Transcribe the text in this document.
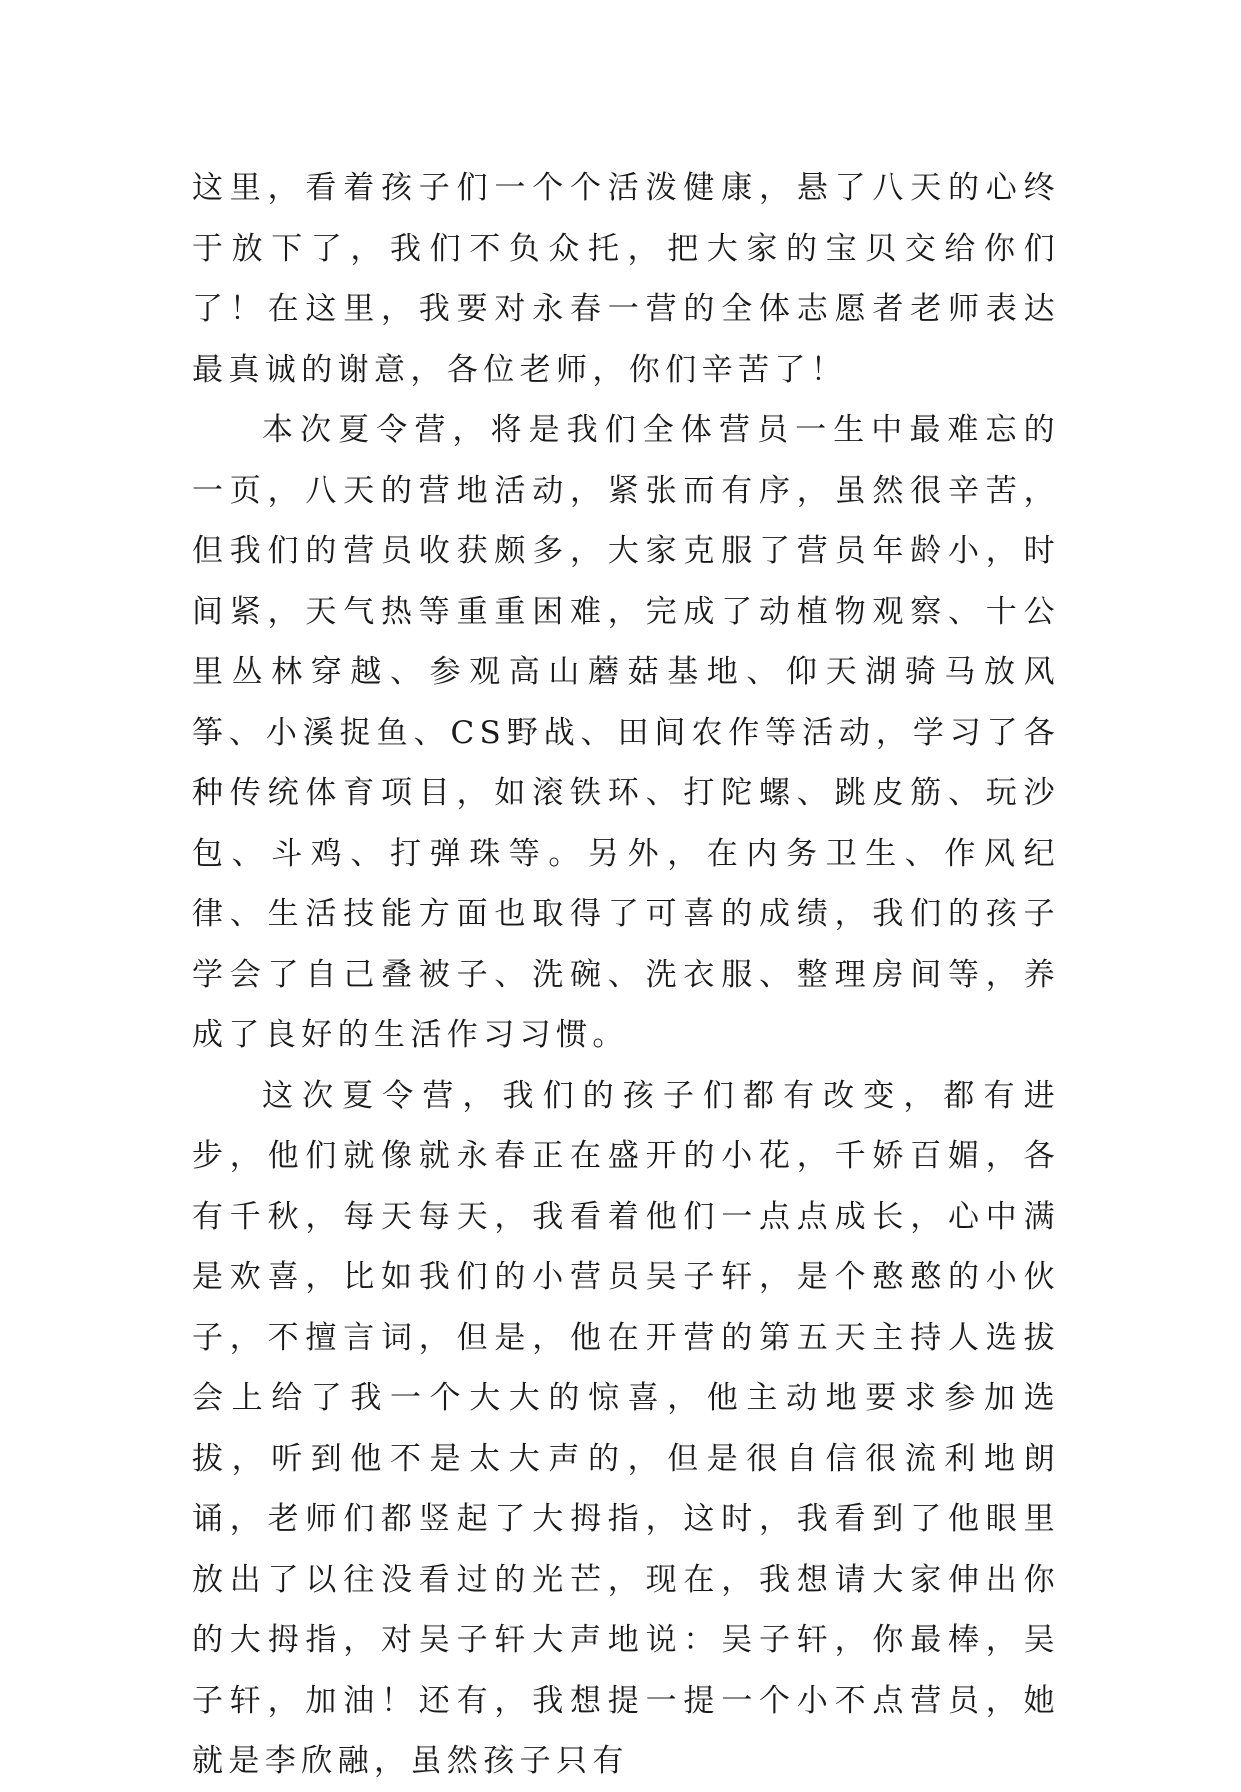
这里，看着孩子们一个个活泼健康，悬了八天的心终于放下了，我们不负众托，把大家的宝贝交给你们了！在这里，我要对永春一营的全体志愿者老师表达最真诚的谢意，各位老师，你们辛苦了！

本次夏令营，将是我们全体营员一生中最难忘的一页，八天的营地活动，紧张而有序，虽然很辛苦，但我们的营员收获颇多，大家克服了营员年龄小，时间紧，天气热等重重困难，完成了动植物观察、十公里丛林穿越、参观高山蘑菇基地、仰天湖骑马放风筝、小溪捉鱼、CS野战、田间农作等活动，学习了各种传统体育项目，如滚铁环、打陀螺、跳皮筋、玩沙包、斗鸡、打弹珠等。另外，在内务卫生、作风纪律、生活技能方面也取得了可喜的成绩，我们的孩子学会了自己叠被子、洗碗、洗衣服、整理房间等，养成了良好的生活作习习惯。

这次夏令营，我们的孩子们都有改变，都有进步，他们就像就永春正在盛开的小花，千娇百媚，各有千秋，每天每天，我看着他们一点点成长，心中满是欢喜，比如我们的小营员吴子轩，是个憨憨的小伙子，不擅言词，但是，他在开营的第五天主持人选拔会上给了我一个大大的惊喜，他主动地要求参加选拔，听到他不是太大声的，但是很自信很流利地朗诵，老师们都竖起了大拇指，这时，我看到了他眼里放出了以往没看过的光芒，现在，我想请大家伸出你的大拇指，对吴子轩大声地说：吴子轩，你最棒，吴子轩，加油！还有，我想提一提一个小不点营员，她就是李欣融，虽然孩子只有
